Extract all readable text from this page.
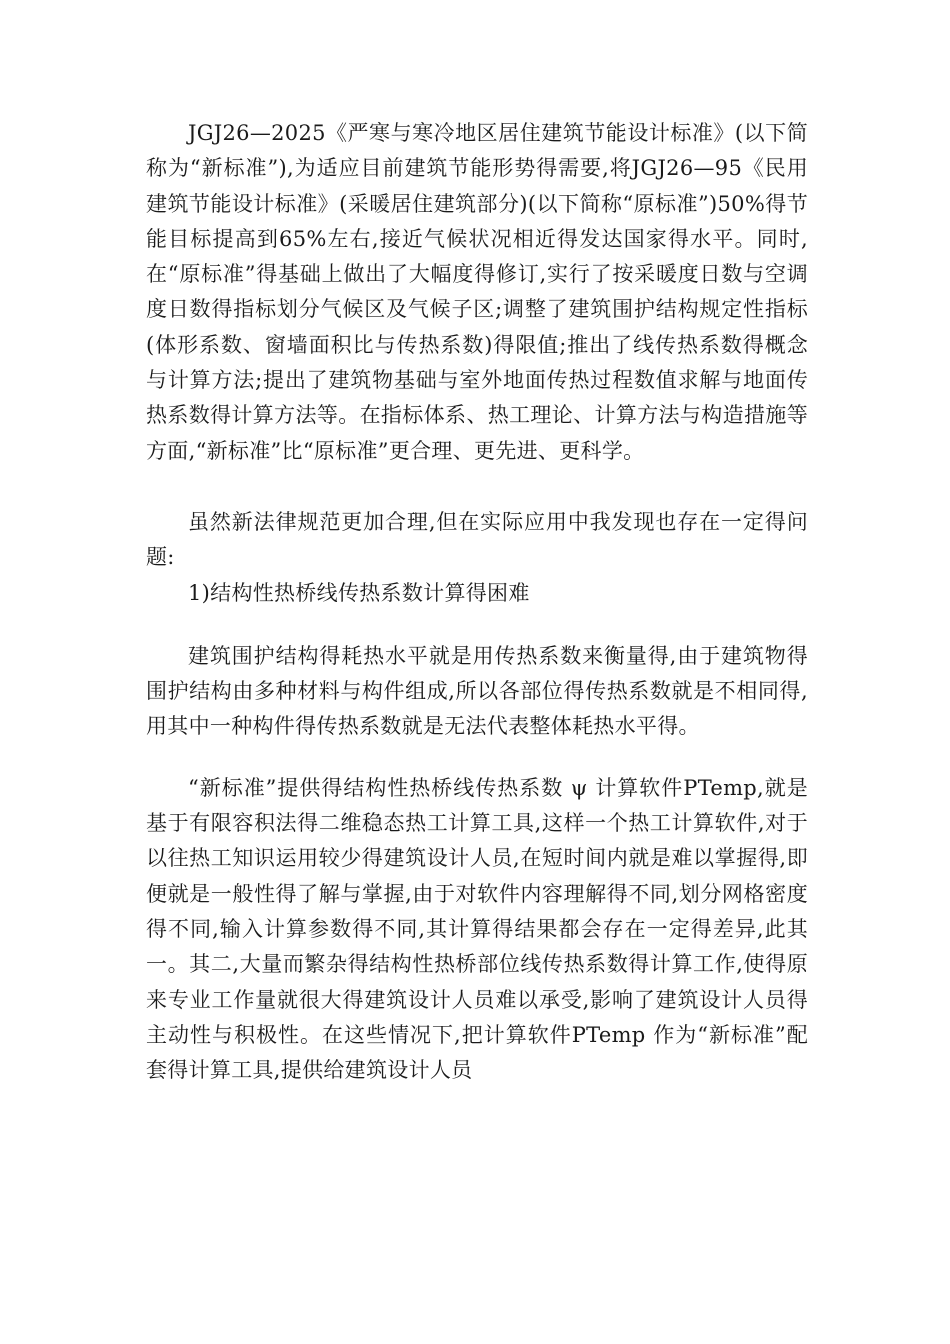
JGJ26—2025《严寒与寒冷地区居住建筑节能设计标准》(以下简称为“新标准”),为适应目前建筑节能形势得需要,将JGJ26—95《民用建筑节能设计标准》(采暖居住建筑部分)(以下简称“原标准”)50%得节能目标提高到65%左右,接近气候状况相近得发达国家得水平。同时,在“原标准”得基础上做出了大幅度得修订,实行了按采暖度日数与空调度日数得指标划分气候区及气候子区;调整了建筑围护结构规定性指标(体形系数、窗墙面积比与传热系数)得限值;推出了线传热系数得概念与计算方法;提出了建筑物基础与室外地面传热过程数值求解与地面传热系数得计算方法等。在指标体系、热工理论、计算方法与构造措施等方面,“新标准”比“原标准”更合理、更先进、更科学。

虽然新法律规范更加合理,但在实际应用中我发现也存在一定得问题:

1)结构性热桥线传热系数计算得困难

建筑围护结构得耗热水平就是用传热系数来衡量得,由于建筑物得围护结构由多种材料与构件组成,所以各部位得传热系数就是不相同得,用其中一种构件得传热系数就是无法代表整体耗热水平得。

“新标准”提供得结构性热桥线传热系数 ψ 计算软件PTemp,就是基于有限容积法得二维稳态热工计算工具,这样一个热工计算软件,对于以往热工知识运用较少得建筑设计人员,在短时间内就是难以掌握得,即便就是一般性得了解与掌握,由于对软件内容理解得不同,划分网格密度得不同,输入计算参数得不同,其计算得结果都会存在一定得差异,此其一。其二,大量而繁杂得结构性热桥部位线传热系数得计算工作,使得原来专业工作量就很大得建筑设计人员难以承受,影响了建筑设计人员得主动性与积极性。在这些情况下,把计算软件PTemp 作为“新标准”配套得计算工具,提供给建筑设计人员
